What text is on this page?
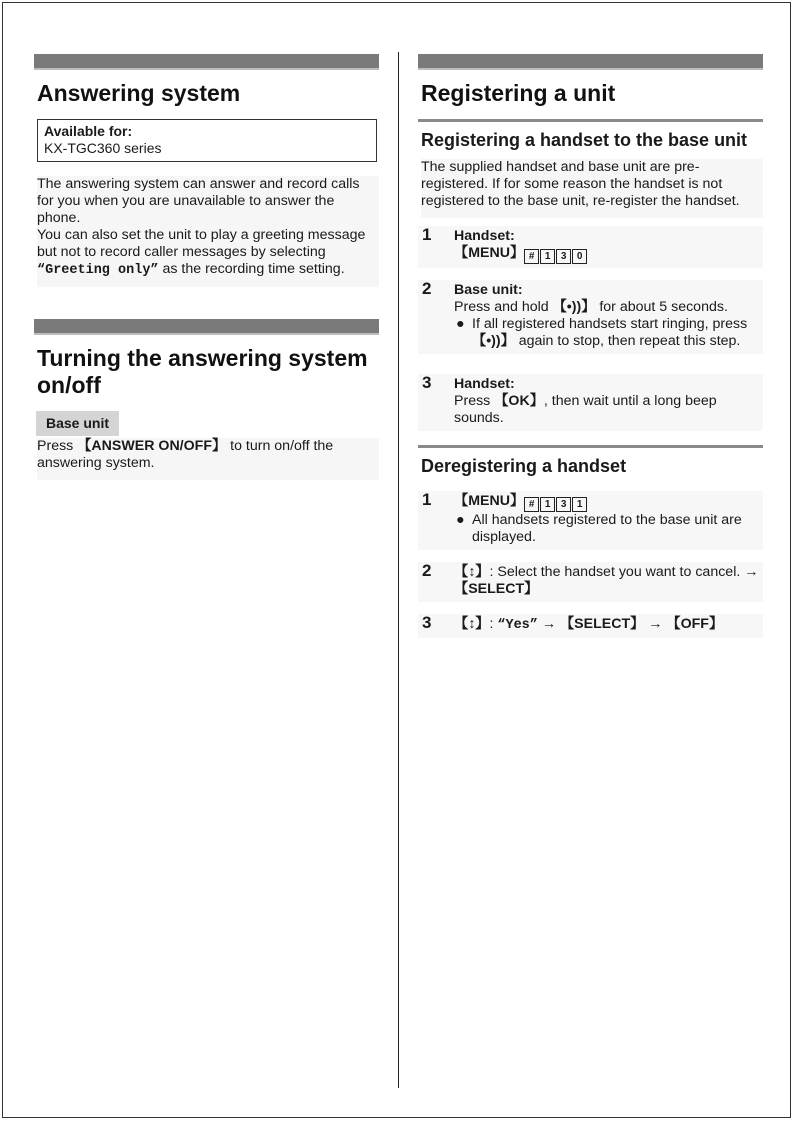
Answering system
Available for:
KX-TGC360 series

The answering system can answer and record calls for you when you are unavailable to answer the phone.

You can also set the unit to play a greeting message but not to record caller messages by selecting “Greeting only” as the recording time setting.

Turning the answering system on/off
Base unit

Press 【ANSWER ON/OFF】 to turn on/off the answering system.

Registering a unit
Registering a handset to the base unit
The supplied handset and base unit are pre-registered. If for some reason the handset is not registered to the base unit, re-register the handset.
1 Handset:
【MENU】 # 1 3 0
2 Base unit:
Press and hold 【•))】 for about 5 seconds.
● If all registered handsets start ringing, press 【•))】 again to stop, then repeat this step.
3 Handset:
Press 【OK】, then wait until a long beep sounds.
Deregistering a handset
1 【MENU】 # 1 3 1
● All handsets registered to the base unit are displayed.
2 【↕】: Select the handset you want to cancel. → 【SELECT】
3 【↕】: “Yes” → 【SELECT】 → 【OFF】
